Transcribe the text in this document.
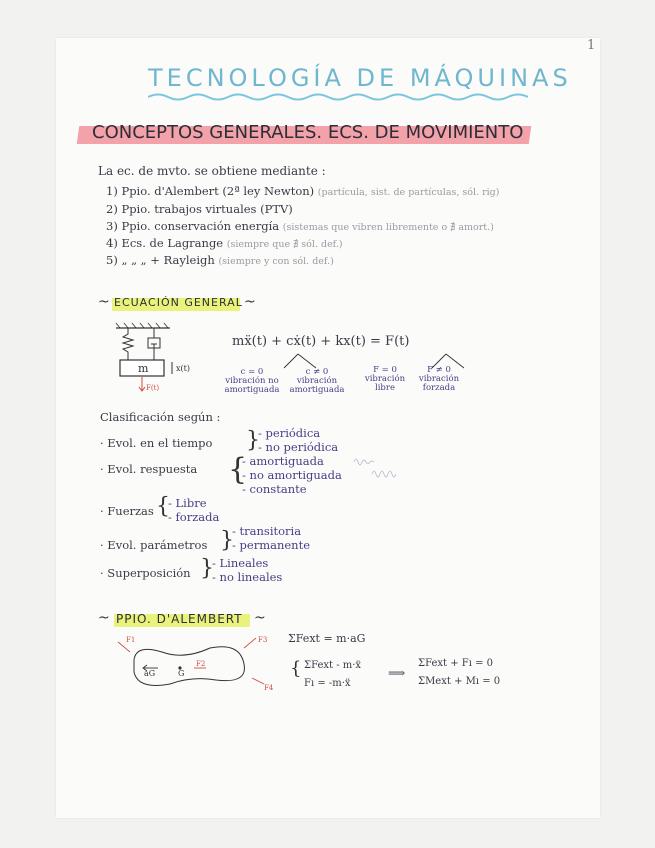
1
TECNOLOGÍA DE MÁQUINAS
CONCEPTOS GENERALES. ECS. DE MOVIMIENTO
La ec. de mvto. se obtiene mediante :
1) Ppio. d'Alembert (2ª ley Newton) (partícula, sist. de partículas, sól. rig)
2) Ppio. trabajos virtuales (PTV)
3) Ppio. conservación energía (sistemas que vibren libremente o ∄ amort.)
4) Ecs. de Lagrange (siempre que ∄ sól. def.)
5) „ „ „ + Rayleigh (siempre y con sól. def.)
~ ECUACIÓN GENERAL ~
m
F(t)
x(t)
mẍ(t) + cẋ(t) + kx(t) = F(t)
c = 0
vibración no amortiguada
c ≠ 0
vibración amortiguada
F = 0
vibración libre
F ≠ 0
vibración forzada
Clasificación según :
· Evol. en el tiempo }
- periódica
- no periódica
· Evol. respuesta {
- amortiguada
- no amortiguada
- constante
· Fuerzas {
- Libre
- forzada
· Evol. parámetros }
- transitoria
- permanente
· Superposición }
- Lineales
- no lineales
~ PPIO. D'ALEMBERT ~
aG	G
F1
F2
F3
F4
ΣFext = m·aG
{ ΣFext - m·ẍ
Fı = -m·ẍ
⟹
ΣFext + Fı = 0
ΣMext + Mı = 0
